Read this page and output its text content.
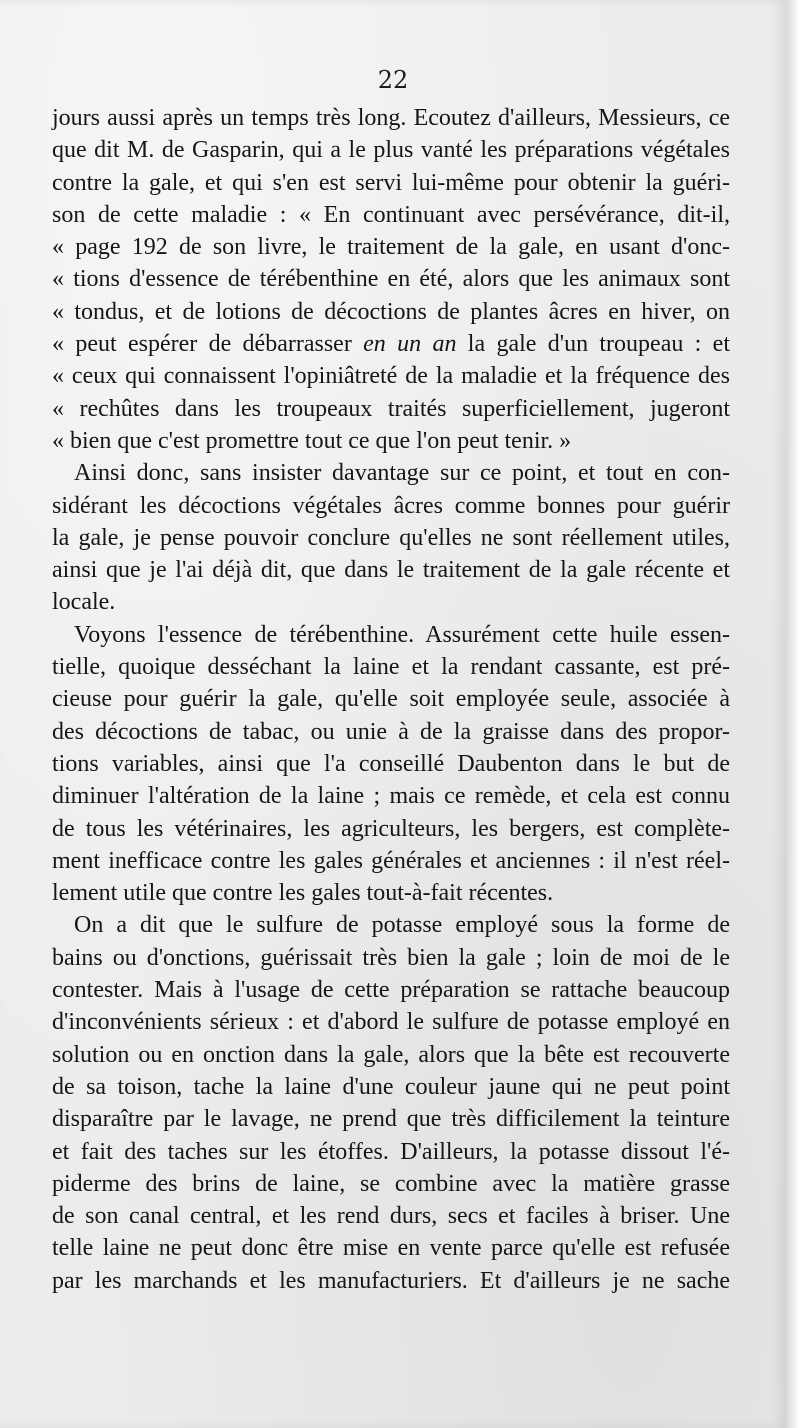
22
jours aussi après un temps très long. Ecoutez d'ailleurs, Messieurs, ce
que dit M. de Gasparin, qui a le plus vanté les préparations végétales
contre la gale, et qui s'en est servi lui-même pour obtenir la guéri-
son de cette maladie : « En continuant avec persévérance, dit-il,
« page 192 de son livre, le traitement de la gale, en usant d'onc-
« tions d'essence de térébenthine en été, alors que les animaux sont
« tondus, et de lotions de décoctions de plantes âcres en hiver, on
« peut espérer de débarrasser en un an la gale d'un troupeau : et
« ceux qui connaissent l'opiniâtreté de la maladie et la fréquence des
« rechûtes dans les troupeaux traités superficiellement, jugeront
« bien que c'est promettre tout ce que l'on peut tenir. »
Ainsi donc, sans insister davantage sur ce point, et tout en con-
sidérant les décoctions végétales âcres comme bonnes pour guérir
la gale, je pense pouvoir conclure qu'elles ne sont réellement utiles,
ainsi que je l'ai déjà dit, que dans le traitement de la gale récente et
locale.
Voyons l'essence de térébenthine. Assurément cette huile essen-
tielle, quoique desséchant la laine et la rendant cassante, est pré-
cieuse pour guérir la gale, qu'elle soit employée seule, associée à
des décoctions de tabac, ou unie à de la graisse dans des propor-
tions variables, ainsi que l'a conseillé Daubenton dans le but de
diminuer l'altération de la laine ; mais ce remède, et cela est connu
de tous les vétérinaires, les agriculteurs, les bergers, est complète-
ment inefficace contre les gales générales et anciennes : il n'est réel-
lement utile que contre les gales tout-à-fait récentes.
On a dit que le sulfure de potasse employé sous la forme de
bains ou d'onctions, guérissait très bien la gale ; loin de moi de le
contester. Mais à l'usage de cette préparation se rattache beaucoup
d'inconvénients sérieux : et d'abord le sulfure de potasse employé en
solution ou en onction dans la gale, alors que la bête est recouverte
de sa toison, tache la laine d'une couleur jaune qui ne peut point
disparaître par le lavage, ne prend que très difficilement la teinture
et fait des taches sur les étoffes. D'ailleurs, la potasse dissout l'é-
piderme des brins de laine, se combine avec la matière grasse
de son canal central, et les rend durs, secs et faciles à briser. Une
telle laine ne peut donc être mise en vente parce qu'elle est refusée
par les marchands et les manufacturiers. Et d'ailleurs je ne sache
